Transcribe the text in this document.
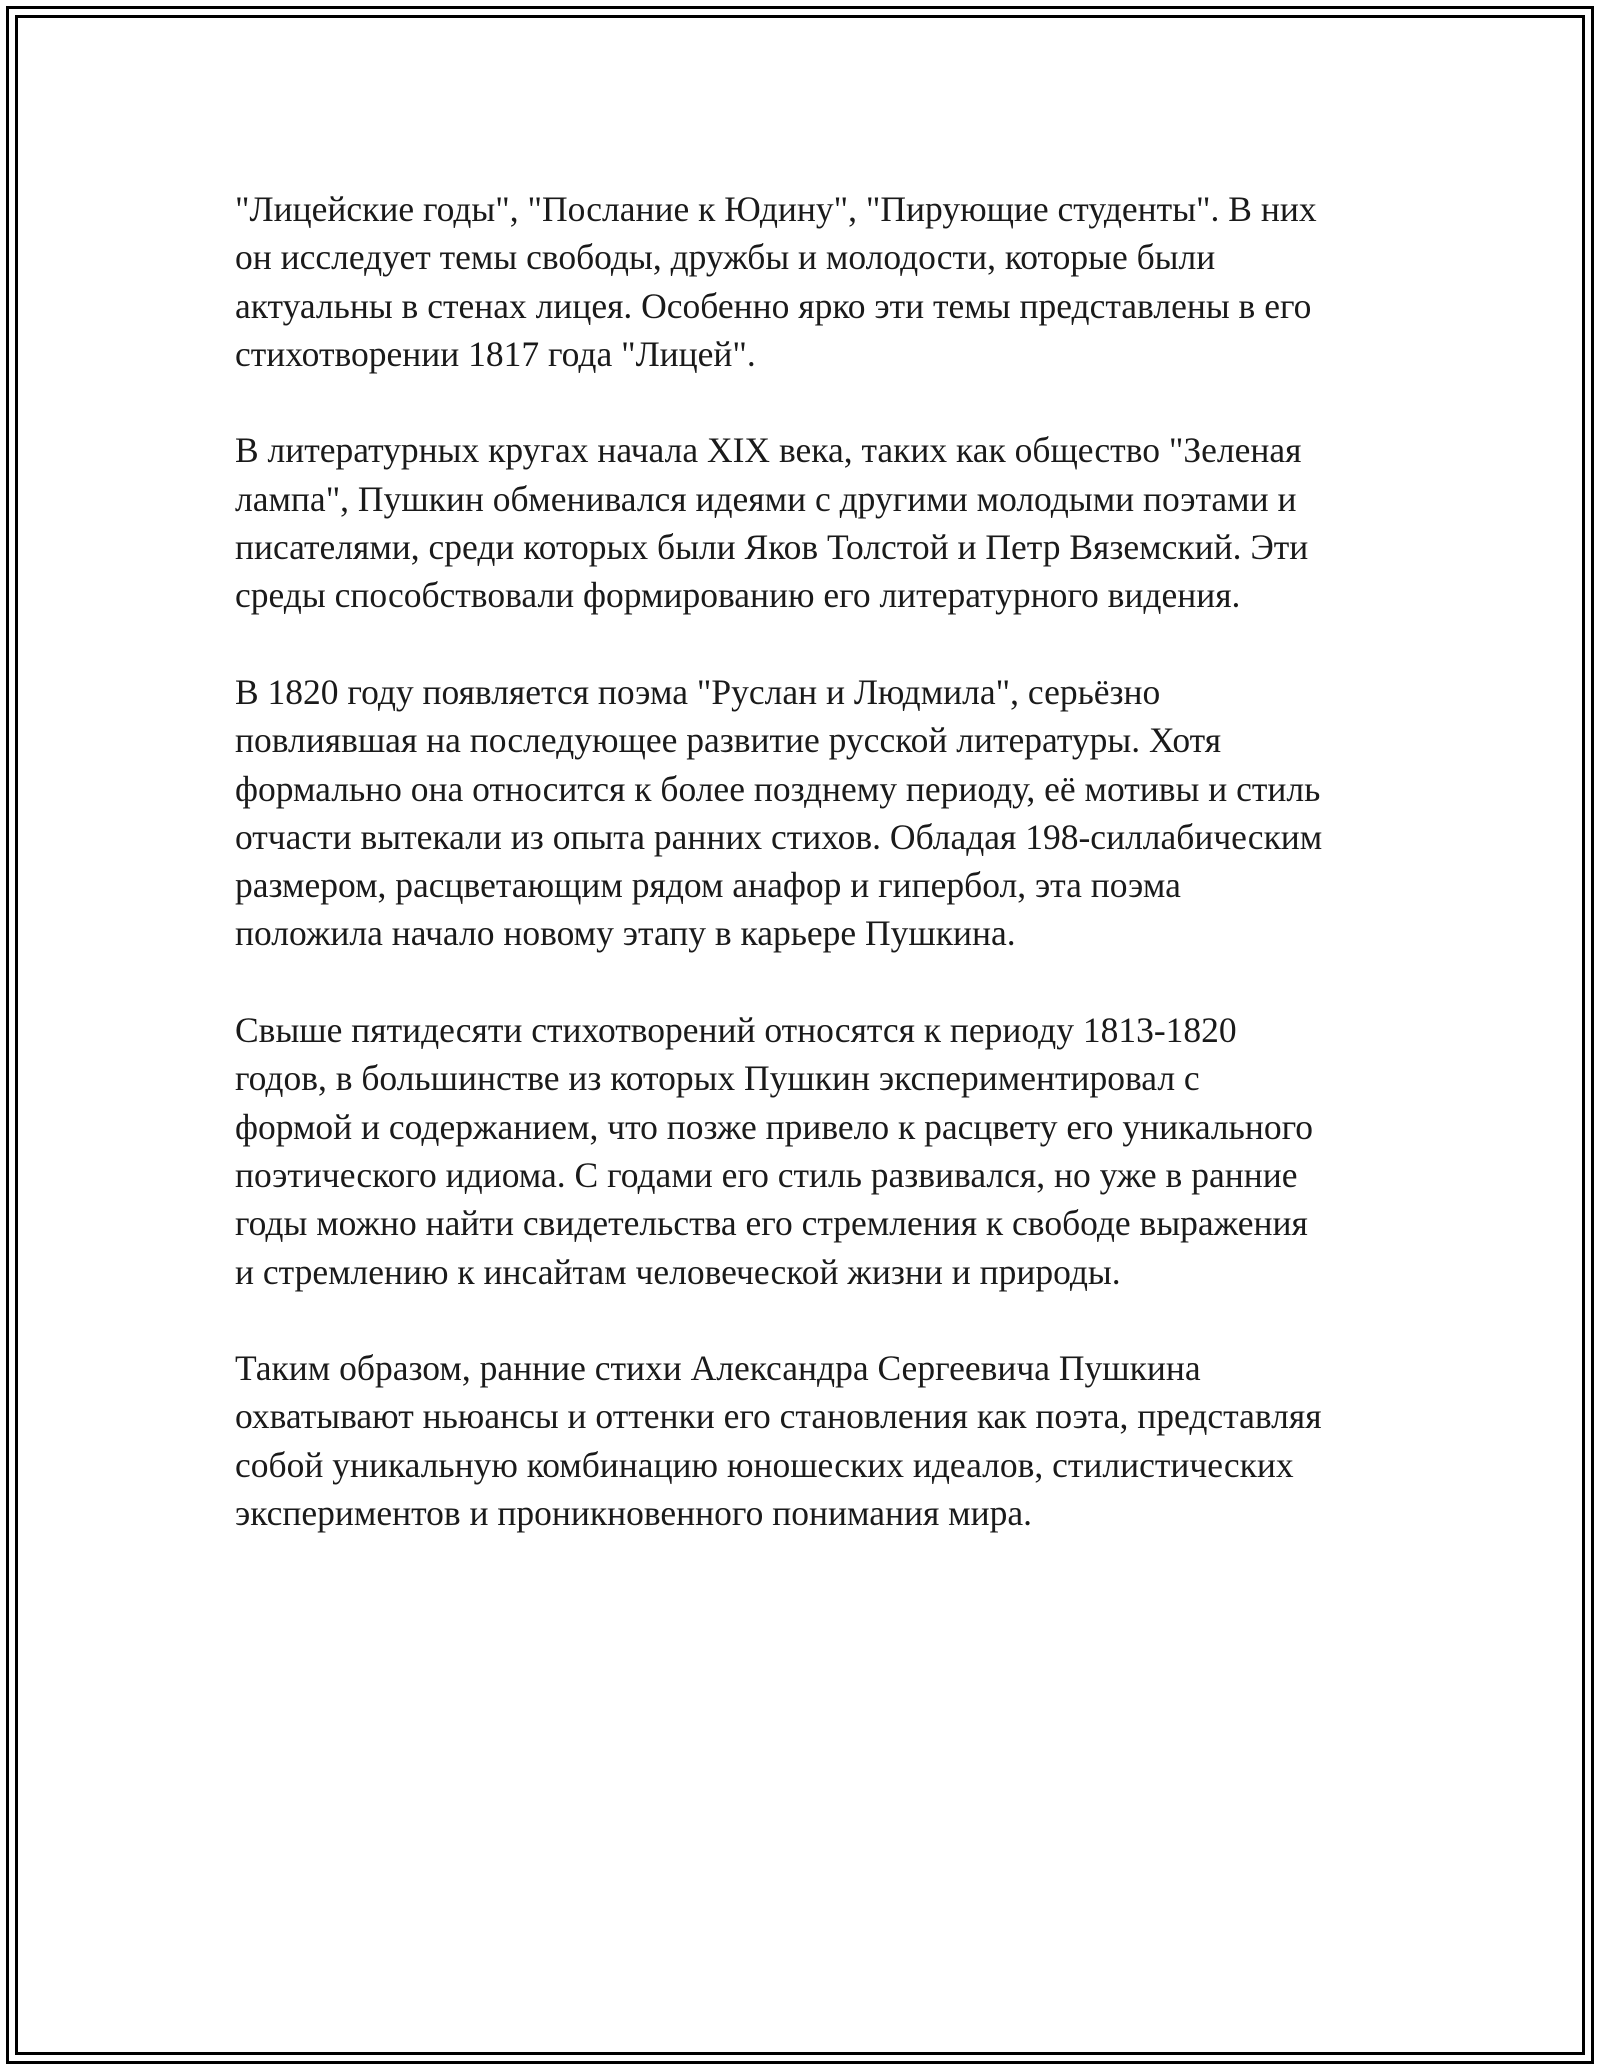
"Лицейские годы", "Послание к Юдину", "Пирующие студенты". В них
он исследует темы свободы, дружбы и молодости, которые были
актуальны в стенах лицея. Особенно ярко эти темы представлены в его
стихотворении 1817 года "Лицей".

В литературных кругах начала XIX века, таких как общество "Зеленая
лампа", Пушкин обменивался идеями с другими молодыми поэтами и
писателями, среди которых были Яков Толстой и Петр Вяземский. Эти
среды способствовали формированию его литературного видения.

В 1820 году появляется поэма "Руслан и Людмила", серьёзно
повлиявшая на последующее развитие русской литературы. Хотя
формально она относится к более позднему периоду, её мотивы и стиль
отчасти вытекали из опыта ранних стихов. Обладая 198-силлабическим
размером, расцветающим рядом анафор и гипербол, эта поэма
положила начало новому этапу в карьере Пушкина.

Свыше пятидесяти стихотворений относятся к периоду 1813-1820
годов, в большинстве из которых Пушкин экспериментировал с
формой и содержанием, что позже привело к расцвету его уникального
поэтического идиома. С годами его стиль развивался, но уже в ранние
годы можно найти свидетельства его стремления к свободе выражения
и стремлению к инсайтам человеческой жизни и природы.

Таким образом, ранние стихи Александра Сергеевича Пушкина
охватывают ньюансы и оттенки его становления как поэта, представляя
собой уникальную комбинацию юношеских идеалов, стилистических
экспериментов и проникновенного понимания мира.
